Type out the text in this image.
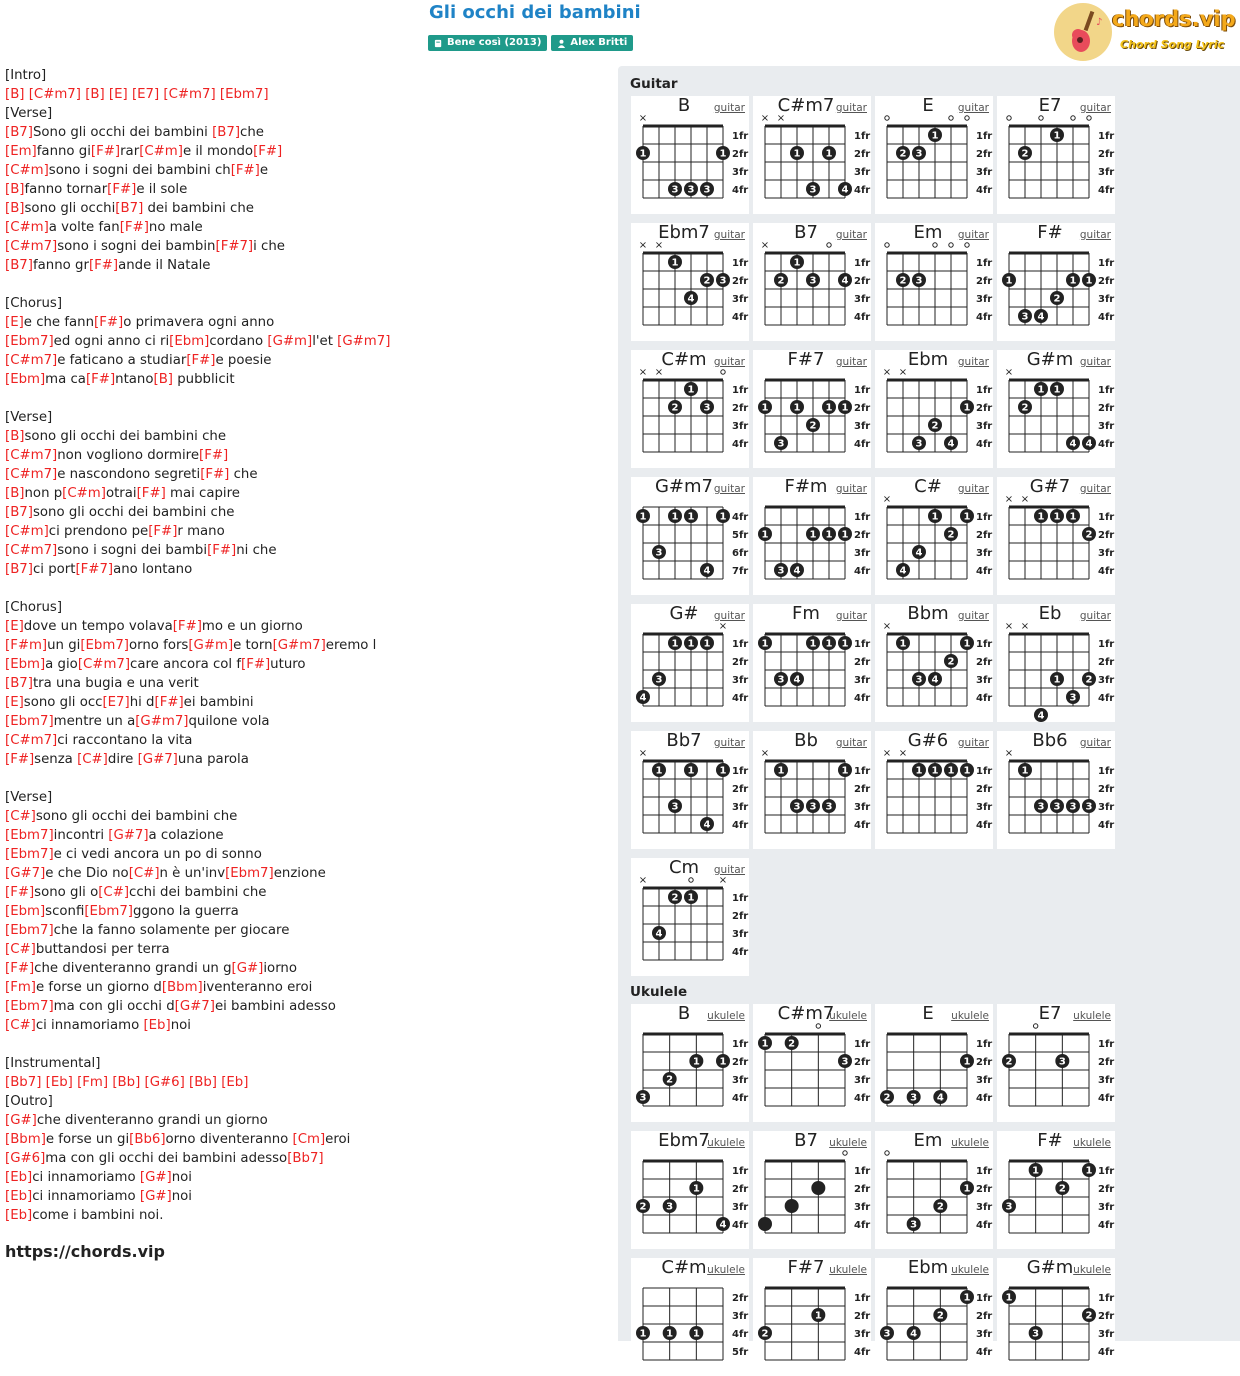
Gli occhi dei bambini
Bene così (2013)	Alex Britti
♪ chords.vip
Chord Song Lyric
[Intro]
[B] [C#m7] [B] [E] [E7] [C#m7] [Ebm7]
[Verse]
[B7]Sono gli occhi dei bambini [B7]che
[Em]fanno gi[F#]rar[C#m]e il mondo[F#]
[C#m]sono i sogni dei bambini ch[F#]e
[B]fanno tornar[F#]e il sole
[B]sono gli occhi[B7] dei bambini che
[C#m]a volte fan[F#]no male
[C#m7]sono i sogni dei bambin[F#7]i che
[B7]fanno gr[F#]ande il Natale
[Chorus]
[E]e che fann[F#]o primavera ogni anno
[Ebm7]ed ogni anno ci ri[Ebm]cordano [G#m]l'et [G#m7]
[C#m7]e faticano a studiar[F#]e poesie
[Ebm]ma ca[F#]ntano[B] pubblicit
[Verse]
[B]sono gli occhi dei bambini che
[C#m7]non vogliono dormire[F#]
[C#m7]e nascondono segreti[F#] che
[B]non p[C#m]otrai[F#] mai capire
[B7]sono gli occhi dei bambini che
[C#m]ci prendono pe[F#]r mano
[C#m7]sono i sogni dei bambi[F#]ni che
[B7]ci port[F#7]ano lontano
[Chorus]
[E]dove un tempo volava[F#]mo e un giorno
[F#m]un gi[Ebm7]orno fors[G#m]e torn[G#m7]eremo l
[Ebm]a gio[C#m7]care ancora col f[F#]uturo
[B7]tra una bugia e una verit
[E]sono gli occ[E7]hi d[F#]ei bambini
[Ebm7]mentre un a[G#m7]quilone vola
[C#m7]ci raccontano la vita
[F#]senza [C#]dire [G#7]una parola
[Verse]
[C#]sono gli occhi dei bambini che
[Ebm7]incontri [G#7]a colazione
[Ebm7]e ci vedi ancora un po di sonno
[G#7]e che Dio no[C#]n è un'inv[Ebm7]enzione
[F#]sono gli o[C#]cchi dei bambini che
[Ebm]sconfi[Ebm7]ggono la guerra
[Ebm7]che la fanno solamente per giocare
[C#]buttandosi per terra
[F#]che diventeranno grandi un g[G#]iorno
[Fm]e forse un giorno d[Bbm]iventeranno eroi
[Ebm7]ma con gli occhi d[G#7]ei bambini adesso
[C#]ci innamoriamo [Eb]noi
[Instrumental]
[Bb7] [Eb] [Fm] [Bb] [G#6] [Bb] [Eb]
[Outro]
[G#]che diventeranno grandi un giorno
[Bbm]e forse un gi[Bb6]orno diventeranno [Cm]eroi
[G#6]ma con gli occhi dei bambini adesso[Bb7]
[Eb]ci innamoriamo [G#]noi
[Eb]ci innamoriamo [G#]noi
[Eb]come i bambini noi.
https://chords.vip
Guitar
1fr
2fr
3fr
4fr
×
1	1
3 3 3
B	guitar
1fr
2fr
3fr
4fr
× ×
1	1
3	4
C#m7 guitar
1fr
2fr
3fr
4fr
1
2 3
E	guitar
1fr
2fr
3fr
4fr
1
2
E7	guitar
1fr
2fr
3fr
4fr
× ×
1
2 3
4
Ebm7 guitar
1fr
2fr
3fr
4fr
×
1
2	3	4
B7	guitar
1fr
2fr
3fr
4fr
2 3
Em	guitar
1fr
2fr
3fr
4fr
1	1 1
2
3 4
F#	guitar
1fr
2fr
3fr
4fr
× ×
1
2	3
C#m guitar
1fr
2fr
3fr
4fr
1	1	1 1
2
3
F#7	guitar
1fr
2fr
3fr
4fr
× ×
1
2
3	4
Ebm guitar
1fr
2fr
3fr
4fr
×
1 1
2
4 4
G#m guitar
4fr
5fr
6fr
7fr
1	1 1	1
3
4
G#m7 guitar
1fr
2fr
3fr
4fr
1	1 1 1
3 4
F#m guitar
1fr
2fr
3fr
4fr
×
1	1
2
4
4
C#	guitar
1fr
2fr
3fr
4fr
× ×
1 1 1
2
G#7 guitar
1fr
2fr
3fr
4fr
×
1 1 1
3
4
G#	guitar
1fr
2fr
3fr
4fr
1	1 1 1
3 4
Fm	guitar
1fr
2fr
3fr
4fr
×
1	1
2
3 4
Bbm guitar
1fr
2fr
3fr
4fr
× ×
1	2
3
4
Eb	guitar
1fr
2fr
3fr
4fr
×
1	1	1
3
4
Bb7	guitar
1fr
2fr
3fr
4fr
×
1	1
3 3 3
Bb	guitar
1fr
2fr
3fr
4fr
× ×
1 1 1 1
G#6 guitar
1fr
2fr
3fr
4fr
×
1
3 3 3 3
Bb6	guitar
1fr
2fr
3fr
4fr
×	×
1
2
4
Cm	guitar
Ukulele
1fr
2fr
3fr
4fr
1 1
2
3
B	ukulele
1fr
2fr
3fr
4fr
1 2
3
C#m7
ukulele
1fr
2fr
3fr
4fr
1
2 3 4
E	ukulele
1fr
2fr
3fr
4fr
2	3
E7	ukulele
1fr
2fr
3fr
4fr
1
2 3
4
Ebm7
ukulele
1fr
2fr
3fr
4fr
B7	ukulele
1fr
2fr
3fr
4fr
1
2
3
Em ukulele
1fr
2fr
3fr
4fr
1	1
2
3
F# ukulele
2fr
3fr
4fr
5fr
1 1 1
C#m ukulele
1fr
2fr
3fr
4fr
1
2
F#7 ukulele
1fr
2fr
3fr
4fr
1
2
3 4
Ebm ukulele
1fr
2fr
3fr
4fr
1
2
3
G#m ukulele
